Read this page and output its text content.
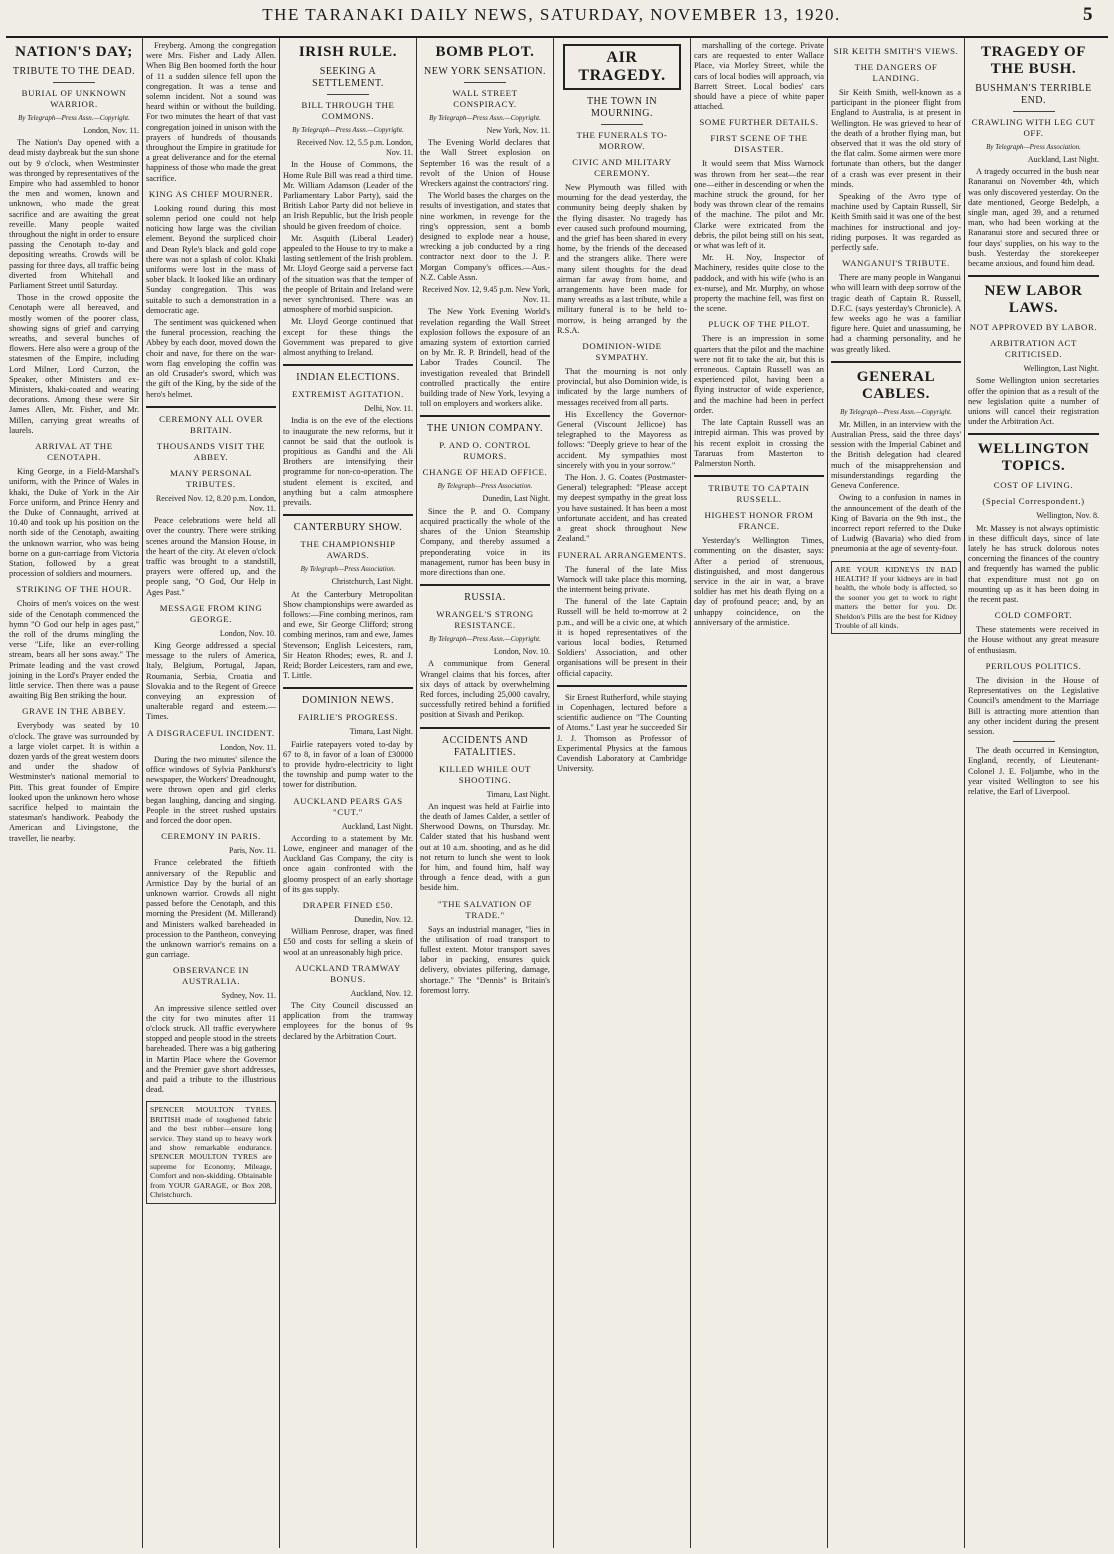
THE TARANAKI DAILY NEWS, SATURDAY, NOVEMBER 13, 1920.	5
NATION'S DAY;
TRIBUTE TO THE DEAD.
BURIAL OF UNKNOWN WARRIOR.
By Telegraph—Press Assn.—Copyright.
London, Nov. 11.

The Nation's Day opened with a dead misty daybreak but the sun shone out by 9 o'clock, when Westminster was thronged by representatives of the Empire who had assembled to honor the men and women, known and unknown, who made the great sacrifice and are awaiting the great reveille. Many people waited throughout the night in order to ensure passing the Cenotaph to-day and depositing wreaths. Crowds will be passing for three days, all traffic being diverted from Whitehall and Parliament Street until Saturday.

Those in the crowd opposite the Cenotaph were all bereaved, and mostly women of the poorer class, showing signs of grief and carrying wreaths, and several bunches of flowers. Here also were a group of the statesmen of the Empire, including Lord Milner, Lord Curzon, the Speaker, other Ministers and ex-Ministers, khaki-coated and wearing decorations. Among these were Sir James Allen, Mr. Fisher, and Mr. Millen, carrying great wreaths of laurels.

ARRIVAL AT THE CENOTAPH.

King George, in a Field-Marshal's uniform, with the Prince of Wales in khaki, the Duke of York in the Air Force uniform, and Prince Henry and the Duke of Connaught, arrived at 10.40 and took up his position on the north side of the Cenotaph, awaiting the unknown warrior, who was being borne on a gun-carriage from Victoria Station, followed by a great procession of soldiers and mourners.

STRIKING OF THE HOUR.

Choirs of men's voices on the west side of the Cenotaph commenced the hymn "O God our help in ages past," the roll of the drums mingling the verse "Life, like an ever-rolling stream, bears all her sons away." The Primate leading and the vast crowd joining in the Lord's Prayer ended the little service. Then there was a pause awaiting Big Ben striking the hour.

GRAVE IN THE ABBEY.

Everybody was seated by 10 o'clock. The grave was surrounded by a large violet carpet. It is within a dozen yards of the great western doors and under the shadow of Westminster's national memorial to Pitt. This great founder of Empire looked upon the unknown hero whose sacrifice helped to maintain the statesman's handiwork. Peabody the American and Livingstone, the traveller, lie nearby.

Freyberg. Among the congregation were Mrs. Fisher and Lady Allen. When Big Ben boomed forth the hour of 11 a sudden silence fell upon the congregation. It was a tense and solemn incident. Not a sound was heard within or without the building. For two minutes the heart of that vast congregation joined in unison with the prayers of hundreds of thousands throughout the Empire in gratitude for a great deliverance and for the eternal happiness of those who made the great sacrifice.

KING AS CHIEF MOURNER.

Looking round during this most solemn period one could not help noticing how large was the civilian element. Beyond the surpliced choir and Dean Ryle's black and gold cope there was not a splash of color. Khaki uniforms were lost in the mass of sober black. It looked like an ordinary Sunday congregation. This was suitable to such a demonstration in a democratic age.

The sentiment was quickened when the funeral procession, reaching the Abbey by each door, moved down the choir and nave, for there on the war-worn flag enveloping the coffin was an old Crusader's sword, which was the gift of the King, by the side of the hero's helmet.

CEREMONY ALL OVER BRITAIN.
THOUSANDS VISIT THE ABBEY.
MANY PERSONAL TRIBUTES.
Received Nov. 12, 8.20 p.m. London, Nov. 11.

Peace celebrations were held all over the country. There were striking scenes around the Mansion House, in the heart of the city. At eleven o'clock traffic was brought to a standstill, prayers were offered up, and the people sang, "O God, Our Help in Ages Past."

MESSAGE FROM KING GEORGE.
London, Nov. 10.

King George addressed a special message to the rulers of America, Italy, Belgium, Portugal, Japan, Roumania, Serbia, Croatia and Slovakia and to the Regent of Greece conveying an expression of unalterable regard and esteem.—Times.

A DISGRACEFUL INCIDENT.
London, Nov. 11.

During the two minutes' silence the office windows of Sylvia Pankhurst's newspaper, the Workers' Dreadnought, were thrown open and girl clerks began laughing, dancing and singing. People in the street rushed upstairs and forced the door open.

CEREMONY IN PARIS.
Paris, Nov. 11.

France celebrated the fiftieth anniversary of the Republic and Armistice Day by the burial of an unknown warrior. Crowds all night passed before the Cenotaph, and this morning the President (M. Millerand) and Ministers walked bareheaded in procession to the Pantheon, conveying the unknown warrior's remains on a gun carriage.

OBSERVANCE IN AUSTRALIA.
Sydney, Nov. 11.

An impressive silence settled over the city for two minutes after 11 o'clock struck. All traffic everywhere stopped and people stood in the streets bareheaded. There was a big gathering in Martin Place where the Governor and the Premier gave short addresses, and paid a tribute to the illustrious dead.

SPENCER MOULTON TYRES. BRITISH made of toughened fabric and the best rubber—ensure long service. They stand up to heavy work and show remarkable endurance. SPENCER MOULTON TYRES are supreme for Economy, Mileage, Comfort and non-skidding. Obtainable from YOUR GARAGE, or Box 208, Christchurch.
IRISH RULE.
SEEKING A SETTLEMENT.
BILL THROUGH THE COMMONS.
By Telegraph—Press Assn.—Copyright.
Received Nov. 12, 5.5 p.m. London, Nov. 11.

In the House of Commons, the Home Rule Bill was read a third time. Mr. William Adamson (Leader of the Parliamentary Labor Party), said the British Labor Party did not believe in an Irish Republic, but the Irish people should be given freedom of choice.

Mr. Asquith (Liberal Leader) appealed to the House to try to make a lasting settlement of the Irish problem. Mr. Lloyd George said a perverse fact of the situation was that the temper of the people of Britain and Ireland were never synchronised. There was an atmosphere of morbid suspicion.

Mr. Lloyd George continued that except for these things the Government was prepared to give almost anything to Ireland.

INDIAN ELECTIONS.
EXTREMIST AGITATION.
Delhi, Nov. 11.

India is on the eve of the elections to inaugurate the new reforms, but it cannot be said that the outlook is propitious as Gandhi and the Ali Brothers are intensifying their programme for non-co-operation. The student element is excited, and anything but a calm atmosphere prevails.

CANTERBURY SHOW.
THE CHAMPIONSHIP AWARDS.
By Telegraph—Press Association.
Christchurch, Last Night.

At the Canterbury Metropolitan Show championships were awarded as follows:—Fine combing merinos, ram and ewe, Sir George Clifford; strong combing merinos, ram and ewe, James Stevenson; English Leicesters, ram, Sir Heaton Rhodes; ewes, R. and J. Reid; Border Leicesters, ram and ewe, T. Little.

DOMINION NEWS.
FAIRLIE'S PROGRESS.
Timaru, Last Night.

Fairlie ratepayers voted to-day by 67 to 8, in favor of a loan of £30000 to provide hydro-electricity to light the township and pump water to the tower for distribution.

AUCKLAND PEARS GAS "CUT."
Auckland, Last Night.

According to a statement by Mr. Lowe, engineer and manager of the Auckland Gas Company, the city is once again confronted with the gloomy prospect of an early shortage of its gas supply.

DRAPER FINED £50.
Dunedin, Nov. 12.

William Penrose, draper, was fined £50 and costs for selling a skein of wool at an unreasonably high price.

AUCKLAND TRAMWAY BONUS.
Auckland, Nov. 12.

The City Council discussed an application from the tramway employees for the bonus of 9s declared by the Arbitration Court.

BOMB PLOT.
NEW YORK SENSATION.
WALL STREET CONSPIRACY.
By Telegraph—Press Assn.—Copyright.
New York, Nov. 11.

The Evening World declares that the Wall Street explosion on September 16 was the result of a revolt of the Union of House Wreckers against the contractors' ring.

The World bases the charges on the results of investigation, and states that nine workmen, in revenge for the ring's oppression, sent a bomb designed to explode near a house, wrecking a job conducted by a ring contractor next door to the J. P. Morgan Company's offices.—Aus.-N.Z. Cable Assn.

Received Nov. 12, 9.45 p.m. New York, Nov. 11.

The New York Evening World's revelation regarding the Wall Street explosion follows the exposure of an amazing system of extortion carried on by Mr. R. P. Brindell, head of the Labor Trades Council. The investigation revealed that Brindell controlled practically the entire building trade of New York, levying a toll on employers and workers alike.

THE UNION COMPANY.
P. AND O. CONTROL RUMORS.
CHANGE OF HEAD OFFICE.
By Telegraph—Press Association.
Dunedin, Last Night.

Since the P. and O. Company acquired practically the whole of the shares of the Union Steamship Company, and thereby assumed a preponderating voice in its management, rumor has been busy in more directions than one.

RUSSIA.
WRANGEL'S STRONG RESISTANCE.
By Telegraph—Press Assn.—Copyright.
London, Nov. 10.

A communique from General Wrangel claims that his forces, after six days of attack by overwhelming Red forces, including 25,000 cavalry, successfully retired behind a fortified position at Sivash and Perikop.

ACCIDENTS AND FATALITIES.
KILLED WHILE OUT SHOOTING.
Timaru, Last Night.

An inquest was held at Fairlie into the death of James Calder, a settler of Sherwood Downs, on Thursday. Mr. Calder stated that his husband went out at 10 a.m. shooting, and as he did not return to lunch she went to look for him, and found him, half way through a fence dead, with a gun beside him.

"THE SALVATION OF TRADE."

Says an industrial manager, "lies in the utilisation of road transport to fullest extent. Motor transport saves labor in packing, ensures quick delivery, obviates pilfering, damage, shortage." The "Dennis" is Britain's foremost lorry.

AIR TRAGEDY.
THE TOWN IN MOURNING.
THE FUNERALS TO-MORROW.
CIVIC AND MILITARY CEREMONY.

New Plymouth was filled with mourning for the dead yesterday, the community being deeply shaken by the flying disaster. No tragedy has ever caused such profound mourning, and the grief has been shared in every home, by the friends of the deceased and the strangers alike. There were many silent thoughts for the dead airman far away from home, and arrangements have been made for many wreaths as a last tribute, while a military funeral is to be held to-morrow, is being arranged by the R.S.A.

DOMINION-WIDE SYMPATHY.

That the mourning is not only provincial, but also Dominion wide, is indicated by the large numbers of messages received from all parts.

His Excellency the Governor-General (Viscount Jellicoe) has telegraphed to the Mayoress as follows: "Deeply grieve to hear of the accident. My sympathies most sincerely with you in your sorrow."

The Hon. J. G. Coates (Postmaster-General) telegraphed: "Please accept my deepest sympathy in the great loss you have sustained. It has been a most unfortunate accident, and has created a great shock throughout New Zealand."

FUNERAL ARRANGEMENTS.

The funeral of the late Miss Warnock will take place this morning, the interment being private.

The funeral of the late Captain Russell will be held to-morrow at 2 p.m., and will be a civic one, at which it is hoped representatives of the various local bodies, Returned Soldiers' Association, and other organisations will be present in their official capacity.

Sir Ernest Rutherford, while staying in Copenhagen, lectured before a scientific audience on "The Counting of Atoms." Last year he succeeded Sir J. J. Thomson as Professor of Experimental Physics at the famous Cavendish Laboratory at Cambridge University.

marshalling of the cortege. Private cars are requested to enter Wallace Place, via Morley Street, while the cars of local bodies will approach, via Barrett Street. Local bodies' cars should have a piece of white paper attached.

SOME FURTHER DETAILS.
FIRST SCENE OF THE DISASTER.

It would seem that Miss Warnock was thrown from her seat—the rear one—either in descending or when the machine struck the ground, for her body was thrown clear of the remains of the machine. The pilot and Mr. Clarke were extricated from the debris, the pilot being still on his seat, or what was left of it.

Mr. H. Noy, Inspector of Machinery, resides quite close to the paddock, and with his wife (who is an ex-nurse), and Mr. Murphy, on whose property the machine fell, was first on the scene.

PLUCK OF THE PILOT.

There is an impression in some quarters that the pilot and the machine were not fit to take the air, but this is erroneous. Captain Russell was an experienced pilot, having been a flying instructor of wide experience, and the machine had been in perfect order.

The late Captain Russell was an intrepid airman. This was proved by his recent exploit in crossing the Tararuas from Masterton to Palmerston North.

TRIBUTE TO CAPTAIN RUSSELL.
HIGHEST HONOR FROM FRANCE.

Yesterday's Wellington Times, commenting on the disaster, says: After a period of strenuous, distinguished, and most dangerous service in the air in war, a brave soldier has met his death flying on a day of profound peace; and, by an unhappy coincidence, on the anniversary of the armistice.

SIR KEITH SMITH'S VIEWS.
THE DANGERS OF LANDING.

Sir Keith Smith, well-known as a participant in the pioneer flight from England to Australia, is at present in Wellington. He was grieved to hear of the death of a brother flying man, but observed that it was the old story of the flat calm. Some airmen were more fortunate than others, but the danger of a crash was ever present in their minds.

Speaking of the Avro type of machine used by Captain Russell, Sir Keith Smith said it was one of the best machines for instructional and joy-riding purposes. It was regarded as perfectly safe.

WANGANUI'S TRIBUTE.

There are many people in Wanganui who will learn with deep sorrow of the tragic death of Captain R. Russell, D.F.C. (says yesterday's Chronicle). A few weeks ago he was a familiar figure here. Quiet and unassuming, he had a charming personality, and he was greatly liked.

GENERAL CABLES.
By Telegraph—Press Assn.—Copyright.

Mr. Millen, in an interview with the Australian Press, said the three days' session with the Imperial Cabinet and the British delegation had cleared much of the misapprehension and misunderstandings regarding the Geneva Conference.

Owing to a confusion in names in the announcement of the death of the King of Bavaria on the 9th inst., the incorrect report referred to the Duke of Ludwig (Bavaria) who died from pneumonia at the age of seventy-four.

ARE YOUR KIDNEYS IN BAD HEALTH? If your kidneys are in bad health, the whole body is affected, so the sooner you get to work to right matters the better for you. Dr. Sheldon's Pills are the best for Kidney Trouble of all kinds.
TRAGEDY OF THE BUSH.
BUSHMAN'S TERRIBLE END.
CRAWLING WITH LEG CUT OFF.
By Telegraph—Press Association.
Auckland, Last Night.

A tragedy occurred in the bush near Ranaranui on November 4th, which was only discovered yesterday. On the date mentioned, George Bedelph, a single man, aged 39, and a returned man, who had been working at the Ranaranui store and secured three or four days' supplies, on his way to the bush. Yesterday the storekeeper became anxious, and found him dead.

NEW LABOR LAWS.
NOT APPROVED BY LABOR.
ARBITRATION ACT CRITICISED.
Wellington, Last Night.

Some Wellington union secretaries offer the opinion that as a result of the new legislation quite a number of unions will cancel their registration under the Arbitration Act.

WELLINGTON TOPICS.
COST OF LIVING.
(Special Correspondent.)
Wellington, Nov. 8.

Mr. Massey is not always optimistic in these difficult days, since of late lately he has struck dolorous notes concerning the finances of the country and frequently has warned the public that expenditure must not go on mounting up as it has been doing in the recent past.

COLD COMFORT.

These statements were received in the House without any great measure of enthusiasm.

PERILOUS POLITICS.

The division in the House of Representatives on the Legislative Council's amendment to the Marriage Bill is attracting more attention than any other incident during the present session.

The death occurred in Kensington, England, recently, of Lieutenant-Colonel J. E. Foljambe, who in the year visited Wellington to see his relative, the Earl of Liverpool.
